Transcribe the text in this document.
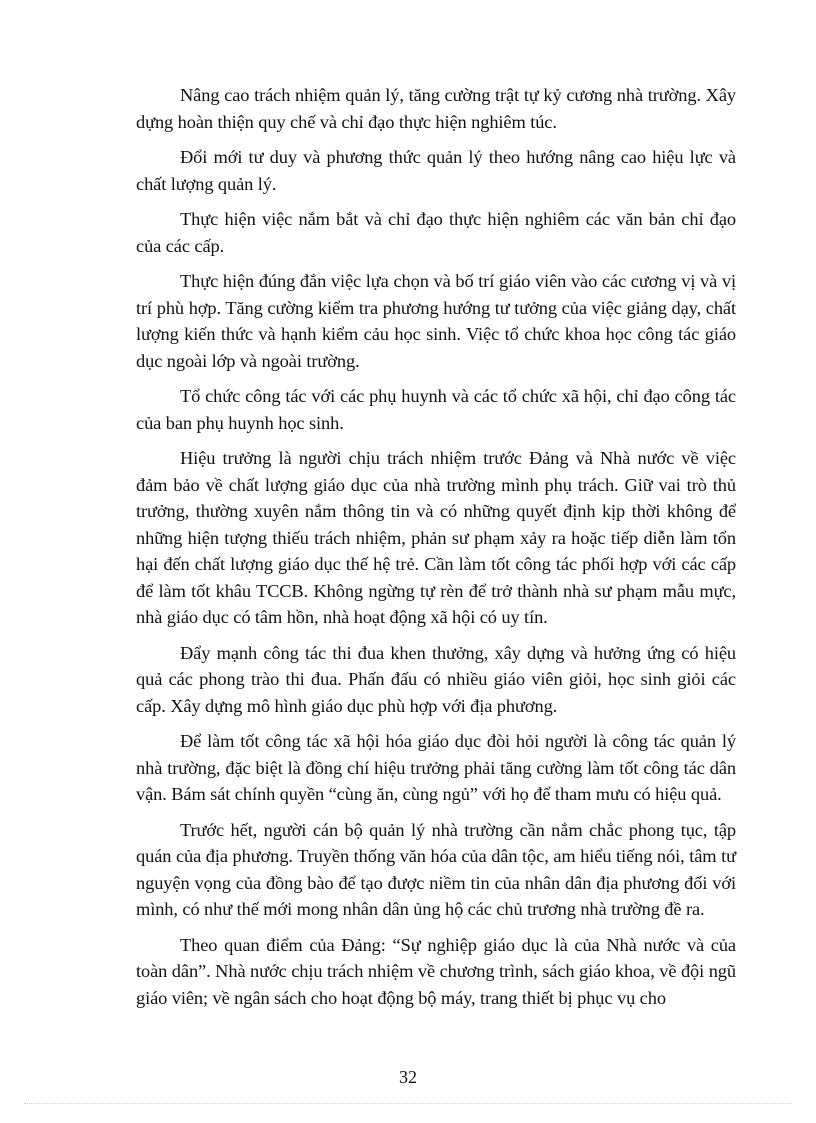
Nâng cao trách nhiệm quản lý, tăng cường trật tự kỷ cương nhà trường. Xây dựng hoàn thiện quy chế và chỉ đạo thực hiện nghiêm túc.

Đổi mới tư duy và phương thức quản lý theo hướng nâng cao hiệu lực và chất lượng quản lý.

Thực hiện việc nắm bắt và chỉ đạo thực hiện nghiêm các văn bản chỉ đạo của các cấp.

Thực hiện đúng đắn việc lựa chọn và bố trí giáo viên vào các cương vị và vị trí phù hợp. Tăng cường kiểm tra phương hướng tư tưởng của việc giảng dạy, chất lượng kiến thức và hạnh kiểm cảu học sinh. Việc tổ chức khoa học công tác giáo dục ngoài lớp và ngoài trường.

Tổ chức công tác với các phụ huynh và các tổ chức xã hội, chỉ đạo công tác của ban phụ huynh học sinh.

Hiệu trưởng là người chịu trách nhiệm trước Đảng và Nhà nước về việc đảm bảo về chất lượng giáo dục của nhà trường mình phụ trách. Giữ vai trò thủ trưởng, thường xuyên nắm thông tin và có những quyết định kịp thời không để những hiện tượng thiếu trách nhiệm, phản sư phạm xảy ra hoặc tiếp diễn làm tổn hại đến chất lượng giáo dục thế hệ trẻ. Cần làm tốt công tác phối hợp với các cấp để làm tốt khâu TCCB. Không ngừng tự rèn để trở thành nhà sư phạm mẫu mực, nhà giáo dục có tâm hồn, nhà hoạt động xã hội có uy tín.

Đẩy mạnh công tác thi đua khen thưởng, xây dựng và hưởng ứng có hiệu quả các phong trào thi đua. Phấn đấu có nhiều giáo viên giỏi, học sinh giỏi các cấp. Xây dựng mô hình giáo dục phù hợp với địa phương.

Để làm tốt công tác xã hội hóa giáo dục đòi hỏi người là công tác quản lý nhà trường, đặc biệt là đồng chí hiệu trưởng phải tăng cường làm tốt công tác dân vận. Bám sát chính quyền “cùng ăn, cùng ngủ” với họ để tham mưu có hiệu quả.

Trước hết, người cán bộ quản lý nhà trường cần nắm chắc phong tục, tập quán của địa phương. Truyền thống văn hóa của dân tộc, am hiểu tiếng nói, tâm tư nguyện vọng của đồng bào để tạo được niềm tin của nhân dân địa phương đối với mình, có như thế mới mong nhân dân ủng hộ các chủ trương nhà trường đề ra.

Theo quan điểm của Đảng: “Sự nghiệp giáo dục là của Nhà nước và của toàn dân”. Nhà nước chịu trách nhiệm về chương trình, sách giáo khoa, về đội ngũ giáo viên; về ngân sách cho hoạt động bộ máy, trang thiết bị phục vụ cho

32
